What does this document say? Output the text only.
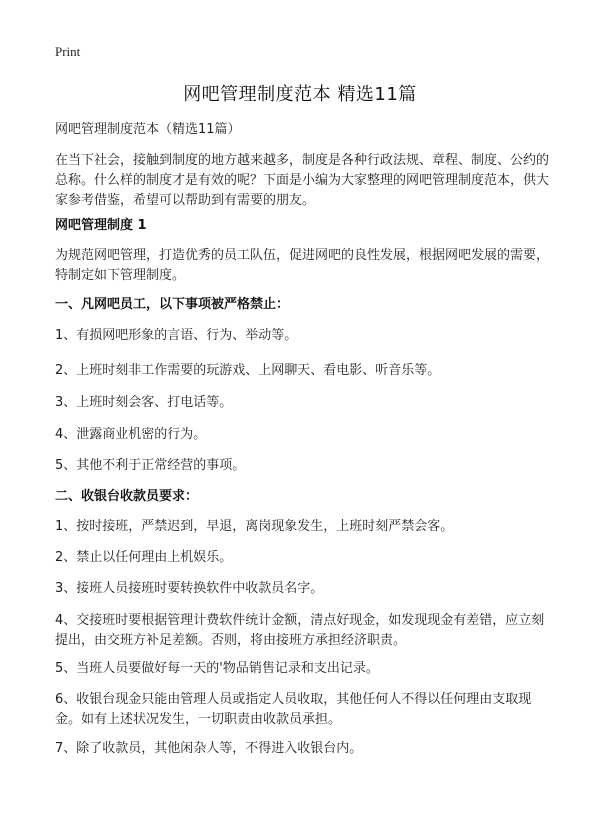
Print
网吧管理制度范本 精选11篇
网吧管理制度范本（精选11篇）
在当下社会，接触到制度的地方越来越多，制度是各种行政法规、章程、制度、公约的总称。什么样的制度才是有效的呢？下面是小编为大家整理的网吧管理制度范本，供大家参考借鉴，希望可以帮助到有需要的朋友。
网吧管理制度 1
为规范网吧管理，打造优秀的员工队伍，促进网吧的良性发展，根据网吧发展的需要，特制定如下管理制度。
一、凡网吧员工，以下事项被严格禁止：
1、有损网吧形象的言语、行为、举动等。
2、上班时刻非工作需要的玩游戏、上网聊天、看电影、听音乐等。
3、上班时刻会客、打电话等。
4、泄露商业机密的行为。
5、其他不利于正常经营的事项。
二、收银台收款员要求：
1、按时接班，严禁迟到，早退，离岗现象发生，上班时刻严禁会客。
2、禁止以任何理由上机娱乐。
3、接班人员接班时要转换软件中收款员名字。
4、交接班时要根据管理计费软件统计金额，清点好现金，如发现现金有差错，应立刻提出，由交班方补足差额。否则，将由接班方承担经济职责。
5、当班人员要做好每一天的'物品销售记录和支出记录。
6、收银台现金只能由管理人员或指定人员收取，其他任何人不得以任何理由支取现金。如有上述状况发生，一切职责由收款员承担。
7、除了收款员，其他闲杂人等，不得进入收银台内。
